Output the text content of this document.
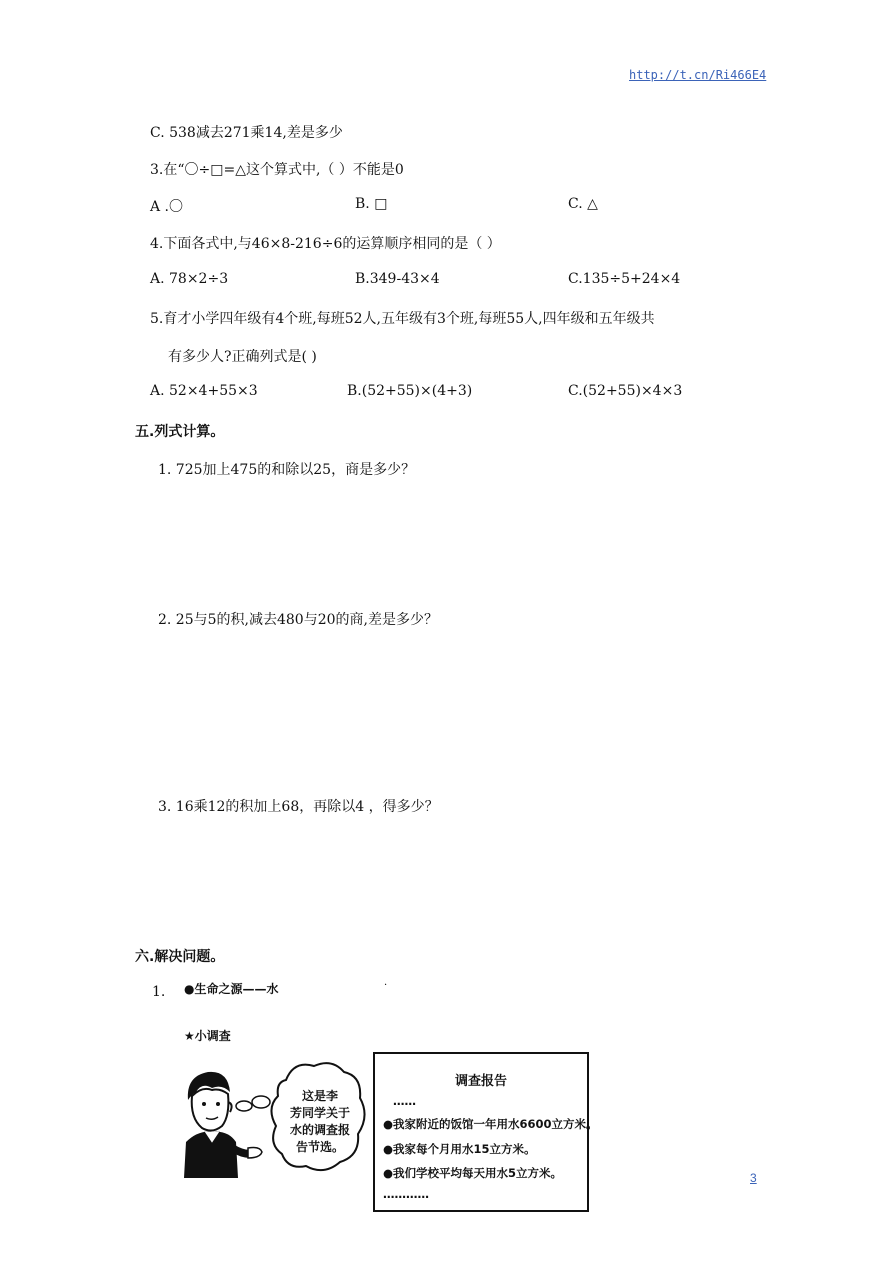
http://t.cn/Ri466E4
C. 538减去271乘14,差是多少
3.在“〇÷□=△这个算式中,（ ）不能是0
A .〇	B. □	C. △
4.下面各式中,与46×8-216÷6的运算顺序相同的是（ ）
A. 78×2÷3	B.349-43×4	C.135÷5+24×4
5.育才小学四年级有4个班,每班52人,五年级有3个班,每班55人,四年级和五年级共
有多少人?正确列式是( )
A. 52×4+55×3	B.(52+55)×(4+3)	C.(52+55)×4×3
五.列式计算。
1. 725加上475的和除以25，商是多少？
2. 25与5的积,减去480与20的商,差是多少？
3. 16乘12的积加上68，再除以4 ，得多少？
六.解决问题。
1. ●生命之源——水	·
★小调查
这是李
芳同学关于
水的调查报
告节选。
调查报告
……
●我家附近的饭馆一年用水6600立方米。
●我家每个月用水15立方米。
●我们学校平均每天用水5立方米。
…………
3
